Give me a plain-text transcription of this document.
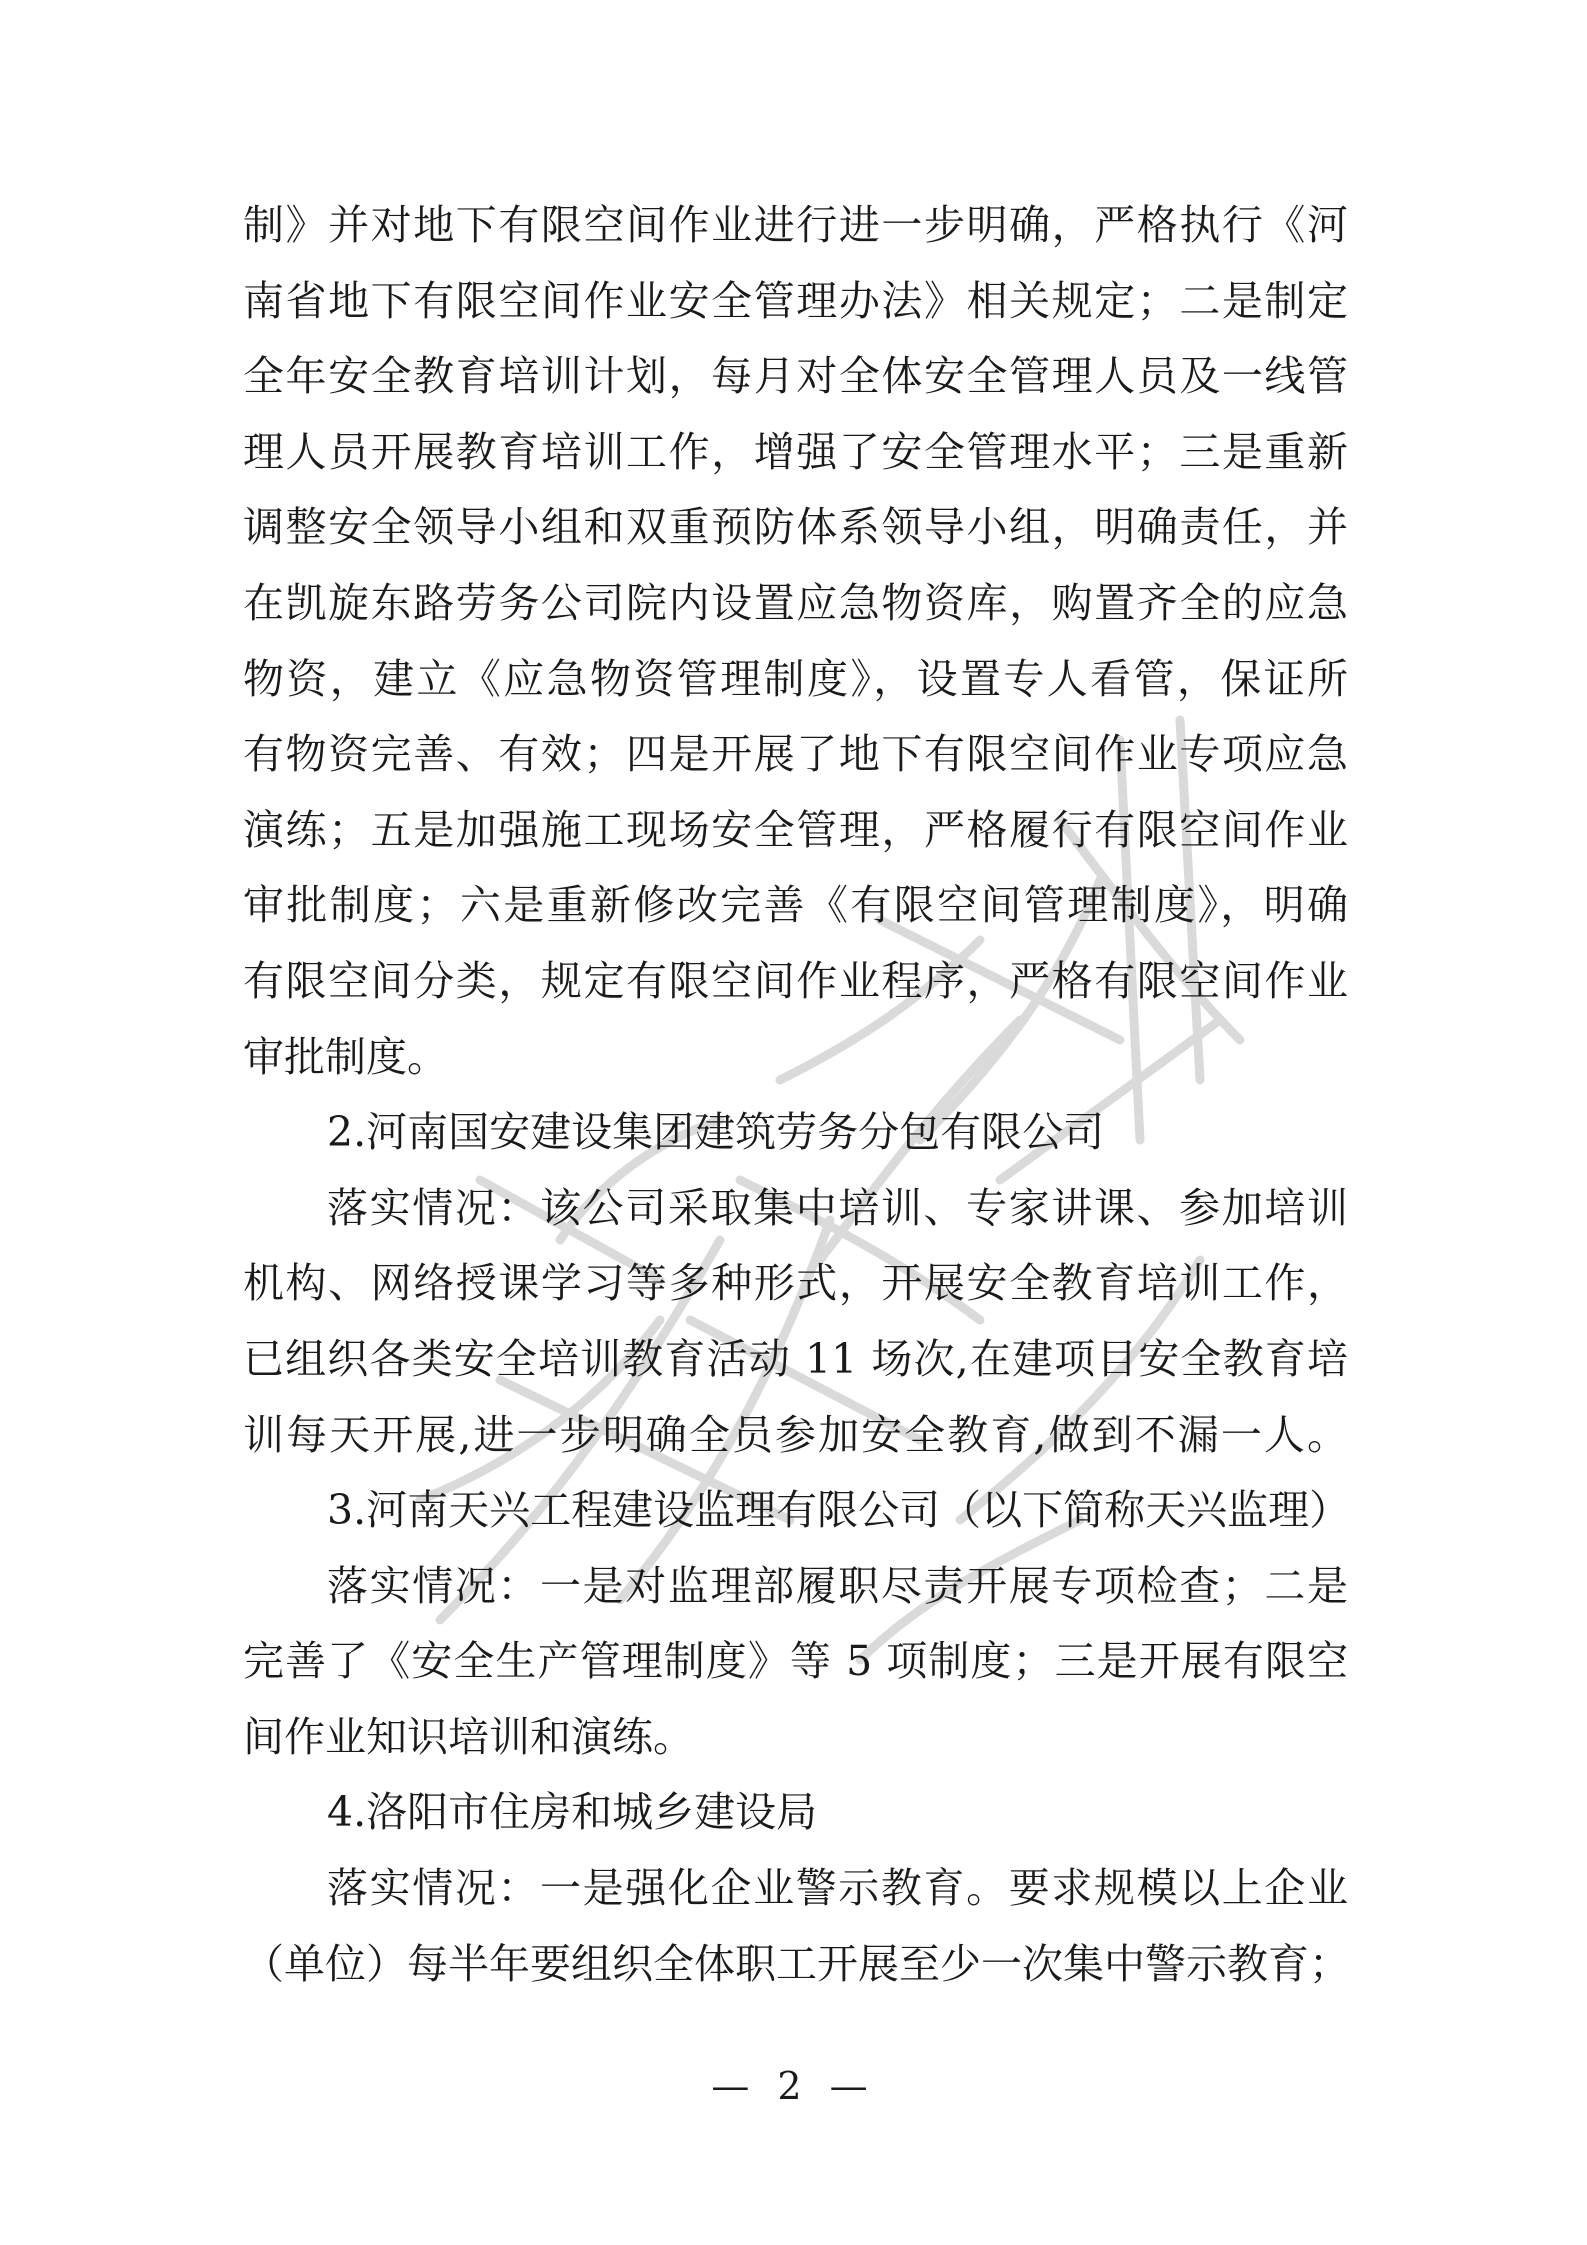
制》并对地下有限空间作业进行进一步明确，严格执行《河
南省地下有限空间作业安全管理办法》相关规定；二是制定
全年安全教育培训计划，每月对全体安全管理人员及一线管
理人员开展教育培训工作，增强了安全管理水平；三是重新
调整安全领导小组和双重预防体系领导小组，明确责任，并
在凯旋东路劳务公司院内设置应急物资库，购置齐全的应急
物资，建立《应急物资管理制度》，设置专人看管，保证所
有物资完善、有效；四是开展了地下有限空间作业专项应急
演练；五是加强施工现场安全管理，严格履行有限空间作业
审批制度；六是重新修改完善《有限空间管理制度》，明确
有限空间分类，规定有限空间作业程序，严格有限空间作业
审批制度。
2.河南国安建设集团建筑劳务分包有限公司
落实情况：该公司采取集中培训、专家讲课、参加培训
机构、网络授课学习等多种形式，开展安全教育培训工作，
已组织各类安全培训教育活动 11 场次,在建项目安全教育培
训每天开展,进一步明确全员参加安全教育,做到不漏一人。
3.河南天兴工程建设监理有限公司（以下简称天兴监理）
落实情况：一是对监理部履职尽责开展专项检查；二是
完善了《安全生产管理制度》等 5 项制度；三是开展有限空
间作业知识培训和演练。
4.洛阳市住房和城乡建设局
落实情况：一是强化企业警示教育。要求规模以上企业
（单位）每半年要组织全体职工开展至少一次集中警示教育；
— 2 —
